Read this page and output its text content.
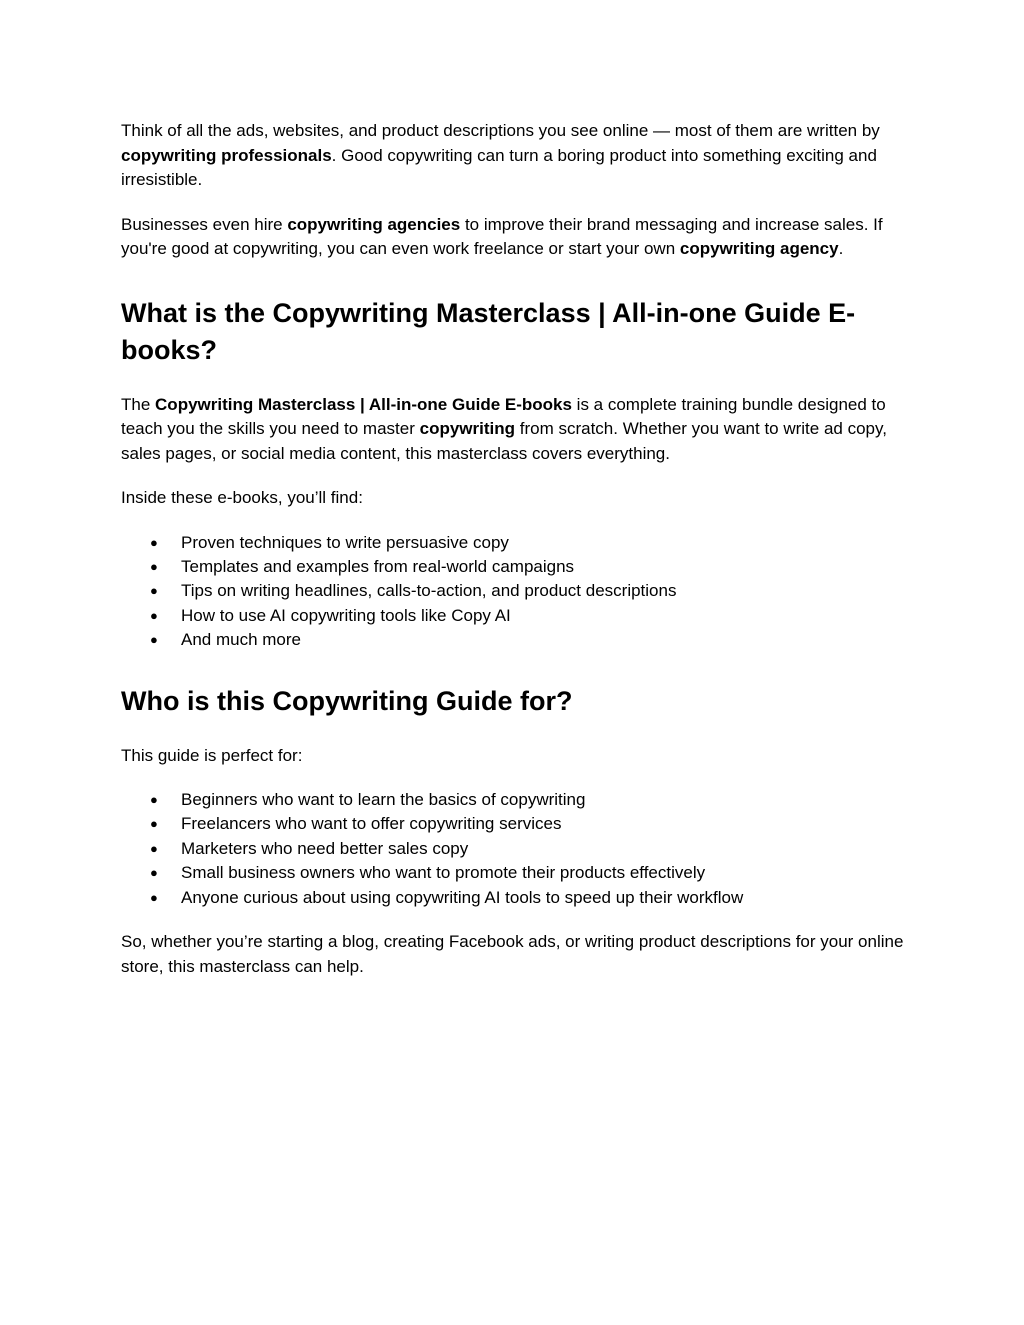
Think of all the ads, websites, and product descriptions you see online — most of them are written by copywriting professionals. Good copywriting can turn a boring product into something exciting and irresistible.

Businesses even hire copywriting agencies to improve their brand messaging and increase sales. If you're good at copywriting, you can even work freelance or start your own copywriting agency.

What is the Copywriting Masterclass | All-in-one Guide E-books?

The Copywriting Masterclass | All-in-one Guide E-books is a complete training bundle designed to teach you the skills you need to master copywriting from scratch. Whether you want to write ad copy, sales pages, or social media content, this masterclass covers everything.

Inside these e-books, you’ll find:

● Proven techniques to write persuasive copy
● Templates and examples from real-world campaigns
● Tips on writing headlines, calls-to-action, and product descriptions
● How to use AI copywriting tools like Copy AI
● And much more
Who is this Copywriting Guide for?

This guide is perfect for:

● Beginners who want to learn the basics of copywriting
● Freelancers who want to offer copywriting services
● Marketers who need better sales copy
● Small business owners who want to promote their products effectively
● Anyone curious about using copywriting AI tools to speed up their workflow

So, whether you’re starting a blog, creating Facebook ads, or writing product descriptions for your online store, this masterclass can help.
